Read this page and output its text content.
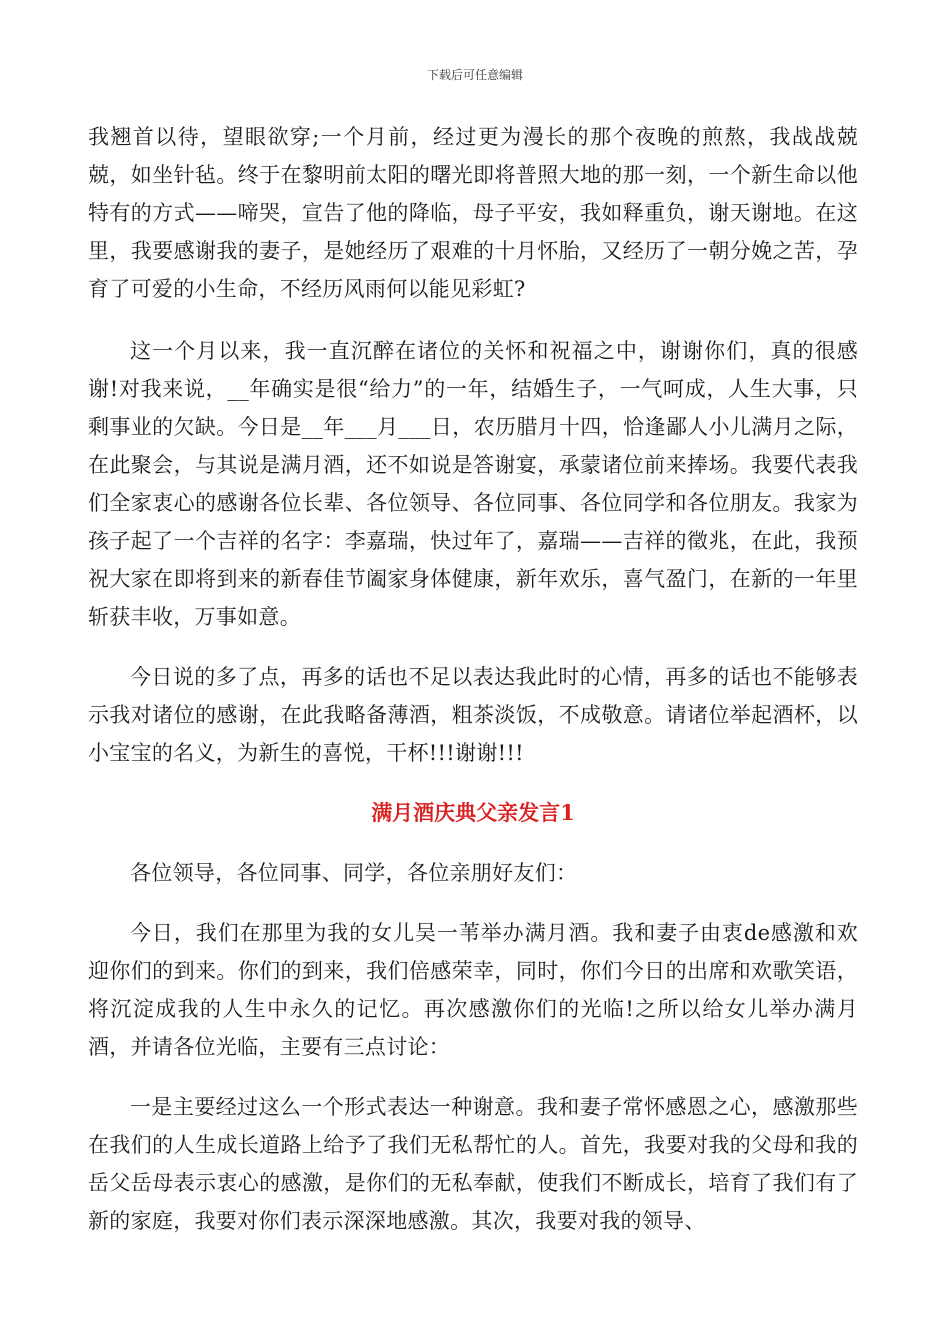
下载后可任意编辑

我翘首以待，望眼欲穿;一个月前，经过更为漫长的那个夜晚的煎熬，我战战兢兢，如坐针毡。终于在黎明前太阳的曙光即将普照大地的那一刻，一个新生命以他特有的方式——啼哭，宣告了他的降临，母子平安，我如释重负，谢天谢地。在这里，我要感谢我的妻子，是她经历了艰难的十月怀胎，又经历了一朝分娩之苦，孕育了可爱的小生命，不经历风雨何以能见彩虹?

这一个月以来，我一直沉醉在诸位的关怀和祝福之中，谢谢你们，真的很感谢!对我来说，__年确实是很“给力”的一年，结婚生子，一气呵成，人生大事，只剩事业的欠缺。今日是__年___月___日，农历腊月十四，恰逢鄙人小儿满月之际，在此聚会，与其说是满月酒，还不如说是答谢宴，承蒙诸位前来捧场。我要代表我们全家衷心的感谢各位长辈、各位领导、各位同事、各位同学和各位朋友。我家为孩子起了一个吉祥的名字：李嘉瑞，快过年了，嘉瑞——吉祥的徵兆，在此，我预祝大家在即将到来的新春佳节阖家身体健康，新年欢乐，喜气盈门，在新的一年里斩获丰收，万事如意。

今日说的多了点，再多的话也不足以表达我此时的心情，再多的话也不能够表示我对诸位的感谢，在此我略备薄酒，粗茶淡饭，不成敬意。请诸位举起酒杯，以小宝宝的名义，为新生的喜悦，干杯!!!谢谢!!!

满月酒庆典父亲发言1

各位领导，各位同事、同学，各位亲朋好友们：

今日，我们在那里为我的女儿吴一苇举办满月酒。我和妻子由衷de感激和欢迎你们的到来。你们的到来，我们倍感荣幸，同时，你们今日的出席和欢歌笑语，将沉淀成我的人生中永久的记忆。再次感激你们的光临!之所以给女儿举办满月酒，并请各位光临，主要有三点讨论：

一是主要经过这么一个形式表达一种谢意。我和妻子常怀感恩之心，感激那些在我们的人生成长道路上给予了我们无私帮忙的人。首先，我要对我的父母和我的岳父岳母表示衷心的感激，是你们的无私奉献，使我们不断成长，培育了我们有了新的家庭，我要对你们表示深深地感激。其次，我要对我的领导、
